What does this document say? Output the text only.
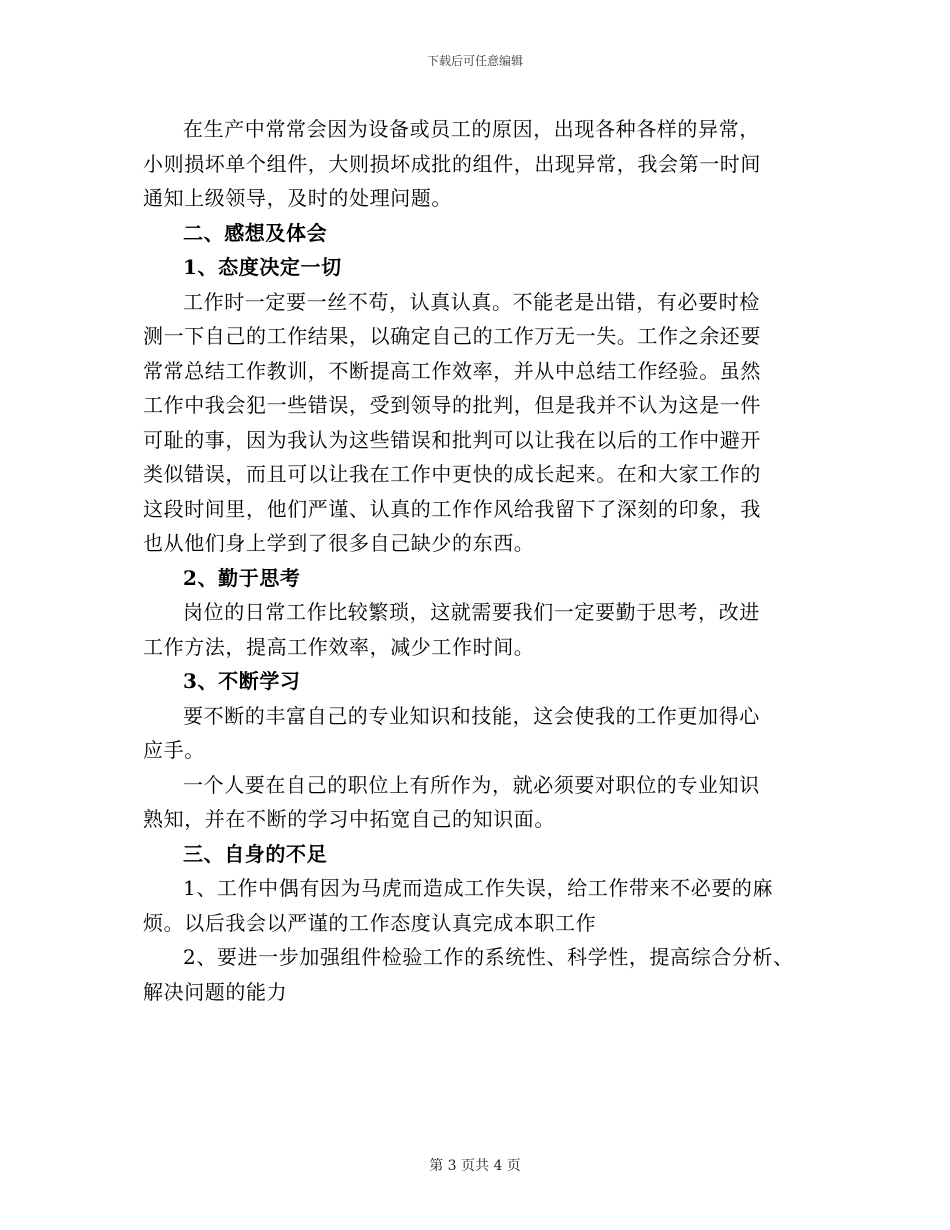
下载后可任意编辑
在生产中常常会因为设备或员工的原因，出现各种各样的异常，
小则损坏单个组件，大则损坏成批的组件，出现异常，我会第一时间
通知上级领导，及时的处理问题。

二、感想及体会

1、态度决定一切

工作时一定要一丝不苟，认真认真。不能老是出错，有必要时检
测一下自己的工作结果，以确定自己的工作万无一失。工作之余还要
常常总结工作教训，不断提高工作效率，并从中总结工作经验。虽然
工作中我会犯一些错误，受到领导的批判，但是我并不认为这是一件
可耻的事，因为我认为这些错误和批判可以让我在以后的工作中避开
类似错误，而且可以让我在工作中更快的成长起来。在和大家工作的
这段时间里，他们严谨、认真的工作作风给我留下了深刻的印象，我
也从他们身上学到了很多自己缺少的东西。

2、勤于思考

岗位的日常工作比较繁琐，这就需要我们一定要勤于思考，改进
工作方法，提高工作效率，减少工作时间。

3、不断学习

要不断的丰富自己的专业知识和技能，这会使我的工作更加得心
应手。
一个人要在自己的职位上有所作为，就必须要对职位的专业知识
熟知，并在不断的学习中拓宽自己的知识面。

三、自身的不足

1、工作中偶有因为马虎而造成工作失误，给工作带来不必要的麻
烦。以后我会以严谨的工作态度认真完成本职工作
2、要进一步加强组件检验工作的系统性、科学性，提高综合分析、
解决问题的能力
第 3 页共 4 页
